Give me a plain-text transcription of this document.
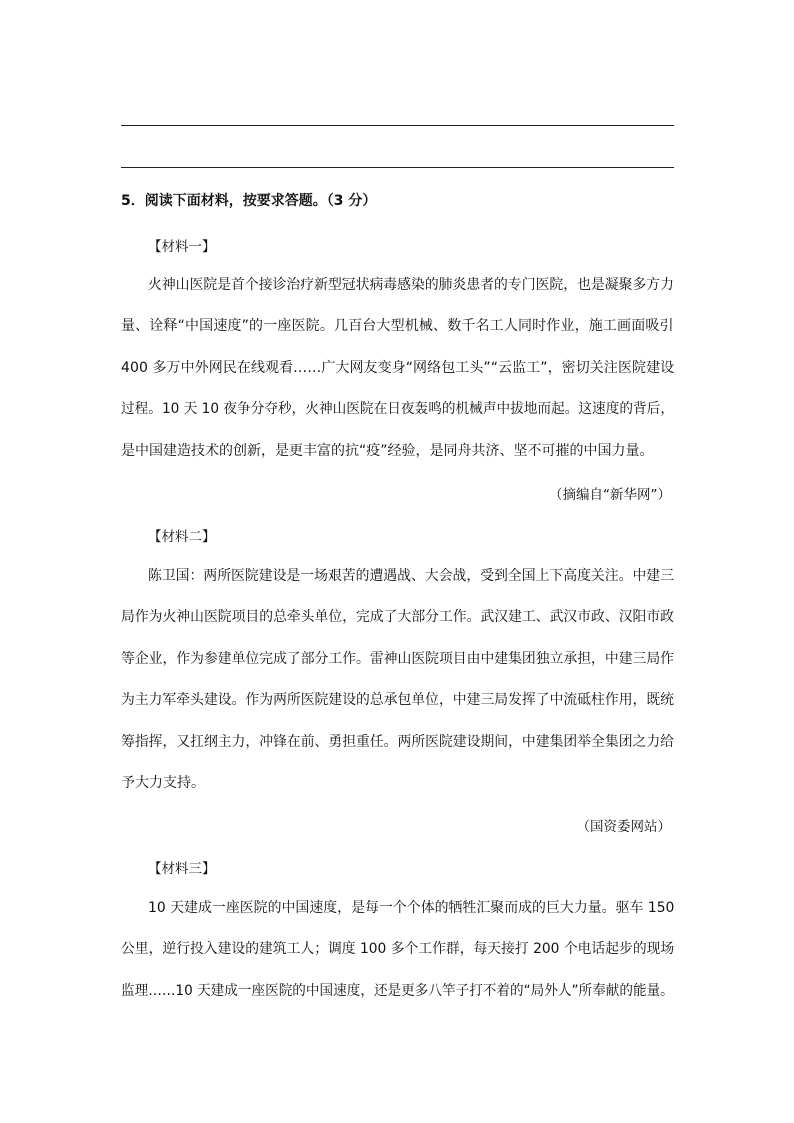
5．阅读下面材料，按要求答题。（3 分）
【材料一】
火神山医院是首个接诊治疗新型冠状病毒感染的肺炎患者的专门医院，也是凝聚多方力
量、诠释“中国速度”的一座医院。几百台大型机械、数千名工人同时作业，施工画面吸引
400 多万中外网民在线观看……广大网友变身“网络包工头”“云监工”，密切关注医院建设
过程。10 天 10 夜争分夺秒，火神山医院在日夜轰鸣的机械声中拔地而起。这速度的背后，
是中国建造技术的创新，是更丰富的抗“疫”经验，是同舟共济、坚不可摧的中国力量。
（摘编自“新华网”）
【材料二】
陈卫国：两所医院建设是一场艰苦的遭遇战、大会战，受到全国上下高度关注。中建三
局作为火神山医院项目的总牵头单位，完成了大部分工作。武汉建工、武汉市政、汉阳市政
等企业，作为参建单位完成了部分工作。雷神山医院项目由中建集团独立承担，中建三局作
为主力军牵头建设。作为两所医院建设的总承包单位，中建三局发挥了中流砥柱作用，既统
筹指挥，又扛纲主力，冲锋在前、勇担重任。两所医院建设期间，中建集团举全集团之力给
予大力支持。
（国资委网站）
【材料三】
10 天建成一座医院的中国速度，是每一个个体的牺牲汇聚而成的巨大力量。驱车 150
公里，逆行投入建设的建筑工人；调度 100 多个工作群，每天接打 200 个电话起步的现场
监理……10 天建成一座医院的中国速度，还是更多八竿子打不着的“局外人”所奉献的能量。
